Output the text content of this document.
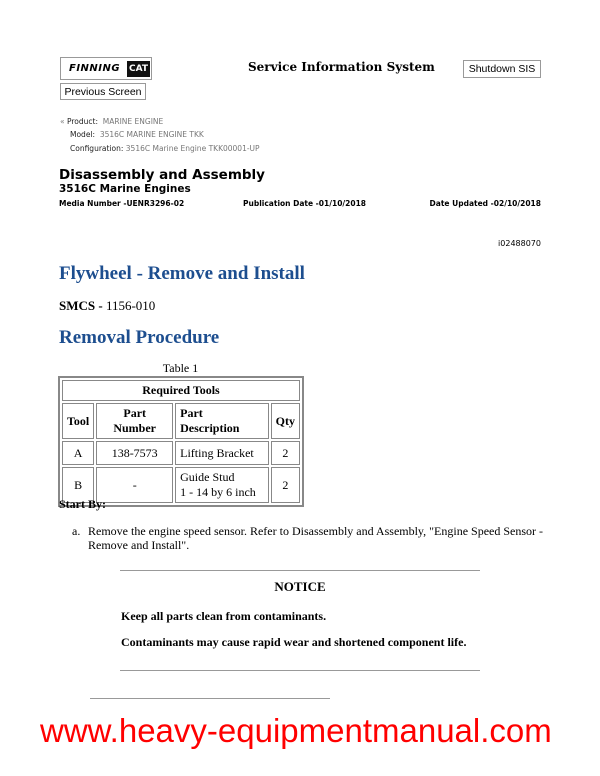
FINNING CAT
Previous Screen
Service Information System	Shutdown SIS
« Product: MARINE ENGINE
Model: 3516C MARINE ENGINE TKK
Configuration: 3516C Marine Engine TKK00001-UP
Disassembly and Assembly
3516C Marine Engines
Media Number -UENR3296-02	Publication Date -01/10/2018	Date Updated -02/10/2018
i02488070
Flywheel - Remove and Install
SMCS - 1156-010
Removal Procedure
Table 1
Required Tools			
Tool	Part Number	Part Description	Qty
A	138-7573	Lifting Bracket	2
B	-	Guide Stud
1 - 14 by 6 inch	2
Start By:
a. Remove the engine speed sensor. Refer to Disassembly and Assembly, "Engine Speed Sensor - Remove and Install".
NOTICE
Keep all parts clean from contaminants.
Contaminants may cause rapid wear and shortened component life.
www.heavy-equipmentmanual.com
